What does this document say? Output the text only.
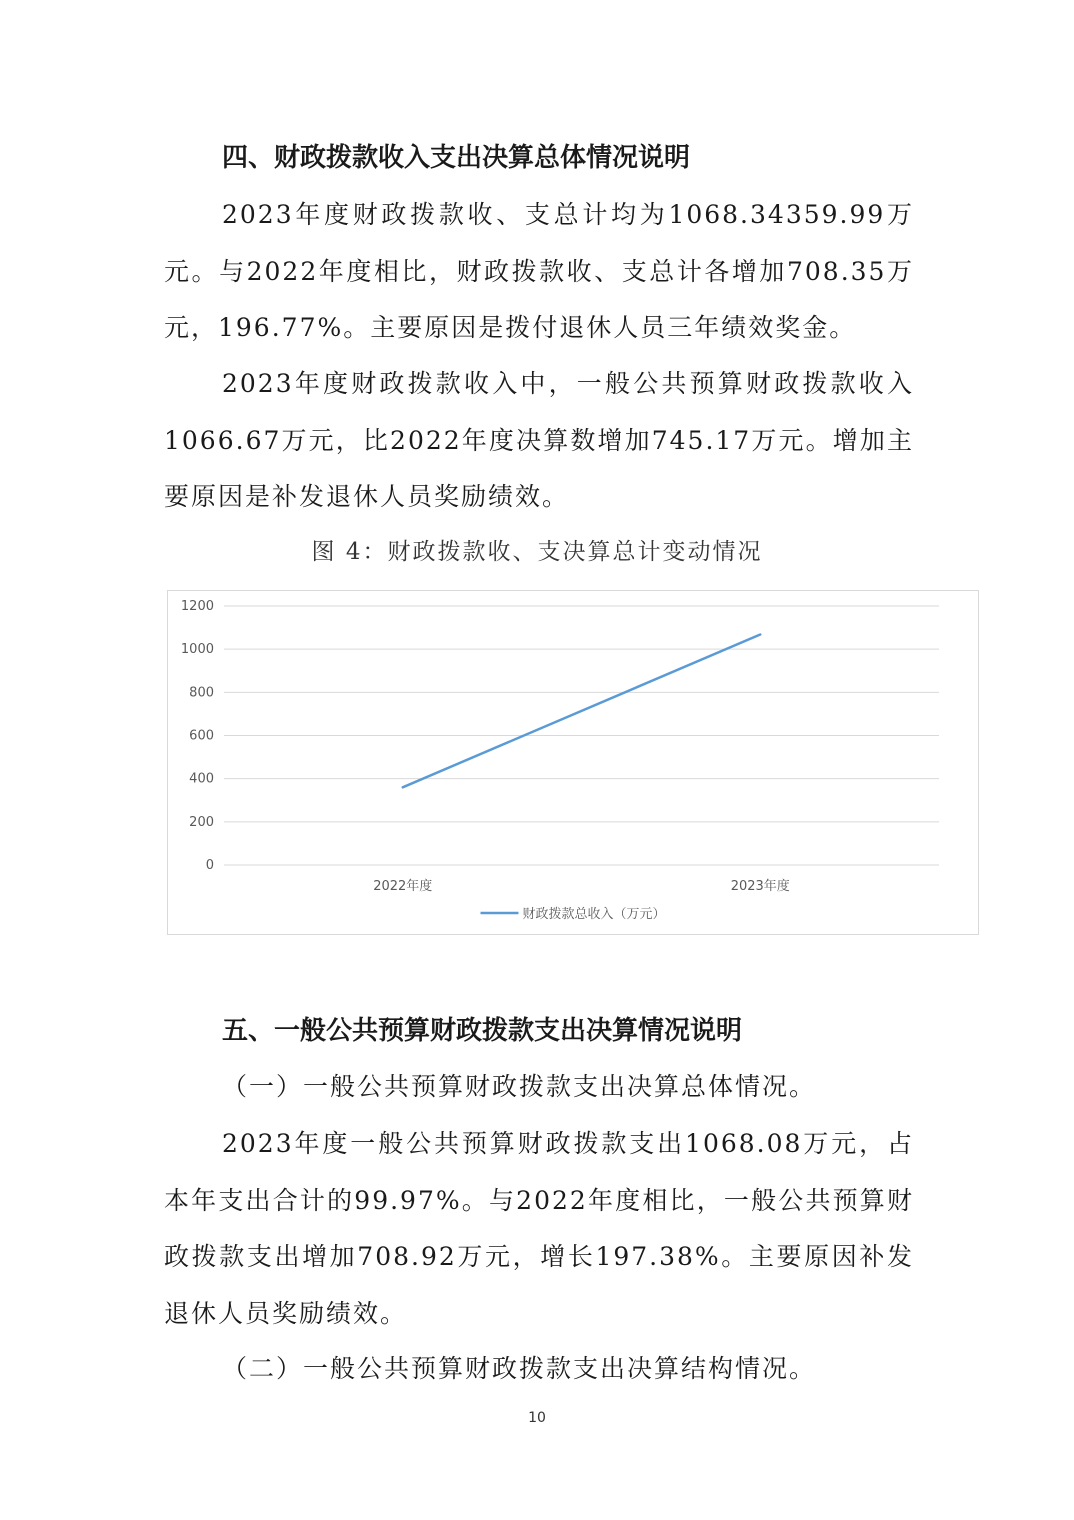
四、财政拨款收入支出决算总体情况说明

2023年度财政拨款收、支总计均为1068.34359.99万元。与2022年度相比，财政拨款收、支总计各增加708.35万元，196.77%。主要原因是拨付退休人员三年绩效奖金。

2023年度财政拨款收入中，一般公共预算财政拨款收入1066.67万元，比2022年度决算数增加745.17万元。增加主要原因是补发退休人员奖励绩效。

图 4：财政拨款收、支决算总计变动情况

0
200
400
600
800
1000
1200
2022年度	2023年度
财政拨款总收入（万元）
五、一般公共预算财政拨款支出决算情况说明

（一）一般公共预算财政拨款支出决算总体情况。

2023年度一般公共预算财政拨款支出1068.08万元，占本年支出合计的99.97%。与2022年度相比，一般公共预算财政拨款支出增加708.92万元，增长197.38%。主要原因补发退休人员奖励绩效。

（二）一般公共预算财政拨款支出决算结构情况。

10
